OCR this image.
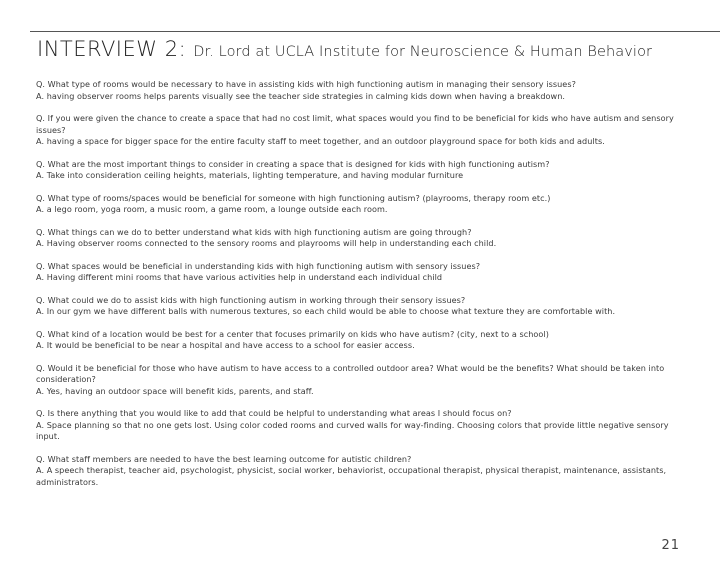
INTERVIEW 2: Dr. Lord at UCLA Institute for Neuroscience & Human Behavior

Q. What type of rooms would be necessary to have in assisting kids with high functioning autism in managing their sensory issues?

A. having observer rooms helps parents visually see the teacher side strategies in calming kids down when having a breakdown.

Q. If you were given the chance to create a space that had no cost limit, what spaces would you find to be beneficial for kids who have autism and sensory issues?

A. having a space for bigger space for the entire faculty staff to meet together, and an outdoor playground space for both kids and adults.

Q. What are the most important things to consider in creating a space that is designed for kids with high functioning autism?

A. Take into consideration ceiling heights, materials, lighting temperature, and having modular furniture

Q. What type of rooms/spaces would be beneficial for someone with high functioning autism? (playrooms, therapy room etc.)

A. a lego room, yoga room, a music room, a game room, a lounge outside each room.

Q. What things can we do to better understand what kids with high functioning autism are going through?

A. Having observer rooms connected to the sensory rooms and playrooms will help in understanding each child.

Q. What spaces would be beneficial in understanding kids with high functioning autism with sensory issues?

A. Having different mini rooms that have various activities help in understand each individual child

Q. What could we do to assist kids with high functioning autism in working through their sensory issues?

A. In our gym we have different balls with numerous textures, so each child would be able to choose what texture they are comfortable with.

Q. What kind of a location would be best for a center that focuses primarily on kids who have autism? (city, next to a school)

A. It would be beneficial to be near a hospital and have access to a school for easier access.

Q. Would it be beneficial for those who have autism to have access to a controlled outdoor area? What would be the benefits? What should be taken into consideration?

A. Yes, having an outdoor space will benefit kids, parents, and staff.

Q. Is there anything that you would like to add that could be helpful to understanding what areas I should focus on?

A. Space planning so that no one gets lost. Using color coded rooms and curved walls for way-finding. Choosing colors that provide little negative sensory input.

Q. What staff members are needed to have the best learning outcome for autistic children?

A. A speech therapist, teacher aid, psychologist, physicist, social worker, behaviorist, occupational therapist, physical therapist, maintenance, assistants, administrators.

21
